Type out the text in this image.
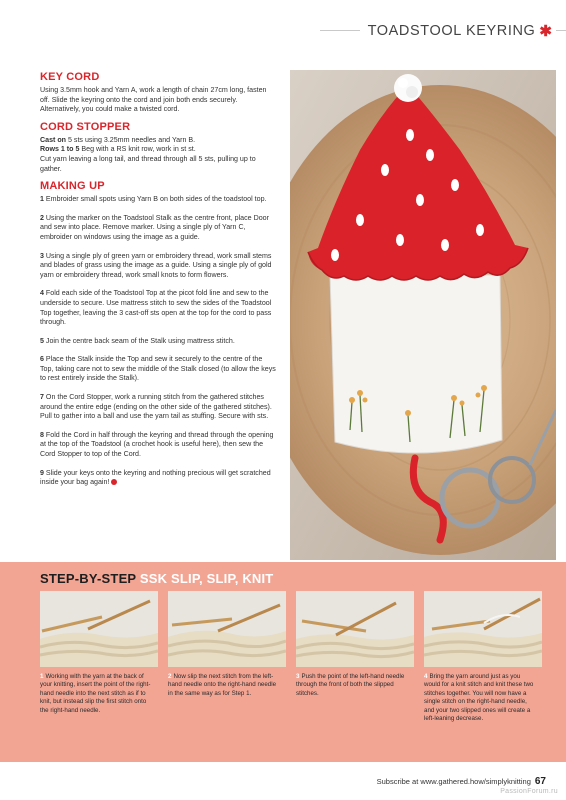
TOADSTOOL KEYRING ✱
KEY CORD

Using 3.5mm hook and Yarn A, work a length of chain 27cm long, fasten off. Slide the keyring onto the cord and join both ends securely. Alternatively, you could make a twisted cord.

CORD STOPPER

Cast on 5 sts using 3.25mm needles and Yarn B.

Rows 1 to 5 Beg with a RS knit row, work in st st.

Cut yarn leaving a long tail, and thread through all 5 sts, pulling up to gather.

MAKING UP

1 Embroider small spots using Yarn B on both sides of the toadstool top.

2 Using the marker on the Toadstool Stalk as the centre front, place Door and sew into place. Remove marker. Using a single ply of Yarn C, embroider on windows using the image as a guide.

3 Using a single ply of green yarn or embroidery thread, work small stems and blades of grass using the image as a guide. Using a single ply of gold yarn or embroidery thread, work small knots to form flowers.

4 Fold each side of the Toadstool Top at the picot fold line and sew to the underside to secure. Use mattress stitch to sew the sides of the Toadstool Top together, leaving the 3 cast-off sts open at the top for the cord to pass through.

5 Join the centre back seam of the Stalk using mattress stitch.

6 Place the Stalk inside the Top and sew it securely to the centre of the Top, taking care not to sew the middle of the Stalk closed (to allow the keys to rest entirely inside the Stalk).

7 On the Cord Stopper, work a running stitch from the gathered stitches around the entire edge (ending on the other side of the gathered stitches). Pull to gather into a ball and use the yarn tail as stuffing. Secure with sts.

8 Fold the Cord in half through the keyring and thread through the opening at the top of the Toadstool (a crochet hook is useful here), then sew the Cord Stopper to top of the Cord.

9 Slide your keys onto the keyring and nothing precious will get scratched inside your bag again!

STEP-BY-STEP SSK SLIP, SLIP, KNIT

1 Working with the yarn at the back of your knitting, insert the point of the right-hand needle into the next stitch as if to knit, but instead slip the first stitch onto the right-hand needle.

2 Now slip the next stitch from the left-hand needle onto the right-hand needle in the same way as for Step 1.

3 Push the point of the left-hand needle through the front of both the slipped stitches.

4 Bring the yarn around just as you would for a knit stitch and knit these two stitches together. You will now have a single stitch on the right-hand needle, and your two slipped ones will create a left-leaning decrease.

Subscribe at www.gathered.how/simplyknitting 67
PassionForum.ru
